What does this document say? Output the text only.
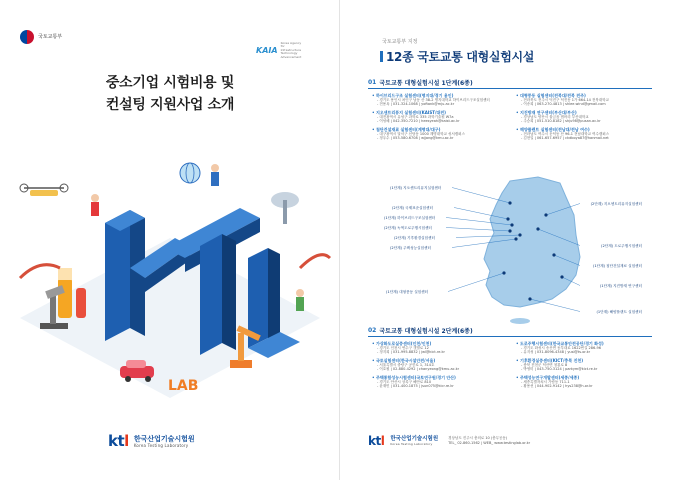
국토교통부
KAIA
Korea Agency for Infrastructure Technology Advancement
중소기업 시험비용 및
컨설팅 지원사업 소개
LAB
ktl 한국산업기술시험원
Korea Testing Laboratory
국토교통부 지정
12종 국토교통 대형실험시설
01 국토교통 대형실험시설 1단계(6종)
• 하이브리드구조 실험센터(명지대/경기 용인)
- 경기도 용인시 처인구 남동 산 38-2 명지대학교 하이브리드구조실험센터
- 전용옥 | 031-324-1068 | yoftank@mju.ac.kr
• 지오센트리퓨지 실험센터(KAIST/대전)
- 대전광역시 유성구 과학로 335 과학기술원 W7a
- 이성혜 | 042-350-7210 | heesyeah@kaist.ac.kr
• 첨단건설재료 실험센터(계명대/대구)
- 대구광역시 달서구 신당동 1000 계명대학교 성서캠퍼스
- 정우수 | 053-580-6708 | wjjang@kmu.ac.kr
• 대형풍동 실험센터(전북대/전북 전주)
- 전라북도 전주시 덕진구 덕진동 1가 664-14 전북대학교
- 이송희 | 063-270-4813 | shlee.wind@gmail.com
• 지진방재 연구센터(부산대/부산)
- 경상남도 양산시 물금읍 범어리 부산대학교
- 주승희 | 051-510-8182 | shju98@pusan.ac.kr
• 해양플랜트 실험센터(전남대/전남 여수)
- 전라남도 여수시 둔덕동 산 96-1 전남대학교 여수캠퍼스
- 김현일 | 061-657-6957 | ckdboya87@hanmail.net
(1단계) 지오센트리퓨지실험센터
(2단계) 국제표준실험센터
(1단계) 하이브리드구조실험센터
(2단계) 녹색도로주행시험센터
(2단계) 기후환경실험센터
(2단계) 주택성능실험센터
(1단계) 대형풍동 실험센터
(1단계) 첨단건설재료 실험센터
(1단계) 지진방재 연구센터
(1단계) 해양플랜트 실험센터
(2단계) 도로주행시험센터
(2단계) 지오센트리퓨지실험센터
02 국토교통 대형실험시설 2단계(6종)
• 가상화도로실증센터(인천/인천)
- 경기도 인천시 연수구 갯벌로 12
- 정지희 | 031-995-8832 | jwl@kict.re.kr
• 국토실험센터(한국시설안전/서울)
- 서울특별시 중랑구 공릉로 1, 314호
- 이호원 | 02-880-4292 | chanyeong@kmu.ac.kr
• 주택통합성능시험센터(국토연구원/경기 안산)
- 경기도 안산시 상록구 해안로 810
- 윤재민 | 031-400-1875 | jsun075@kicr.re.kr
• 도로주행시험센터(한국교통안전공단/경기 화성)
- 경기도 화성시 송산면 동부대로 1622번길 286-96
- 유지성 | 031-8096-4348 | yusl@ts.or.kr
• 기후환경실증센터(KICT/충북 진천)
- 충북 진천군 덕산면 청룡로 8
- 박영미 | 043-750-3124 | parkym@kict.re.kr
• 주택성능연구개발센터(세종/세종)
- 세종특별자치시 가람동 711-1
- 황용선 | 044-902-9142 | hys238@h.or.kr
ktl 한국산업기술시험원
Korea Testing Laboratory
경상남도 진주시 충의로 10 (충무공동)
TEL_ 02-860-1562 | WEB_ www.testinglab.or.kr
